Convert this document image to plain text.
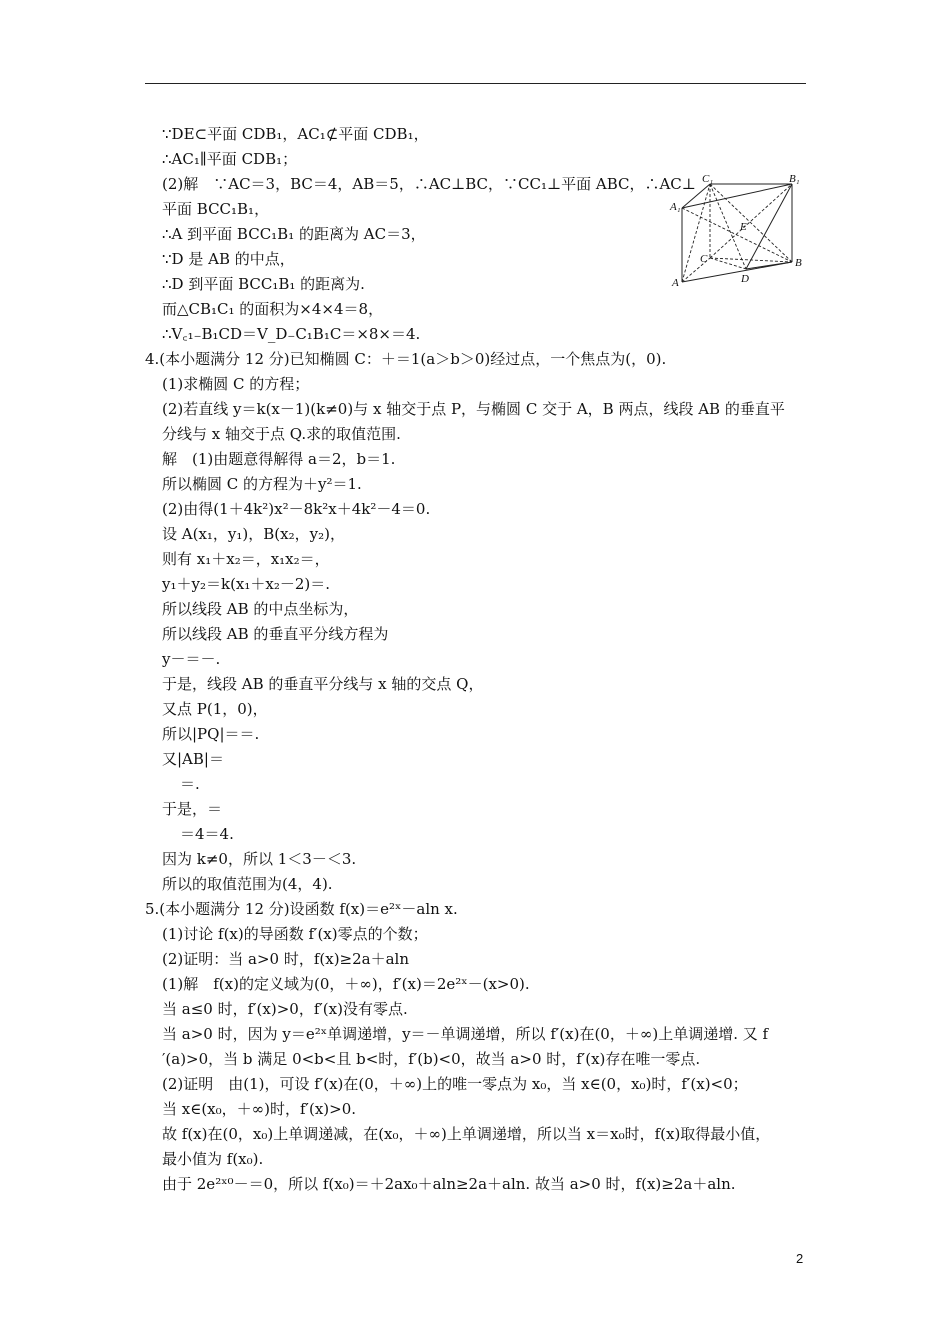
∵DE⊂平面 CDB₁，AC₁⊄平面 CDB₁，
∴AC₁∥平面 CDB₁；
(2)解　∵AC＝3，BC＝4，AB＝5，∴AC⊥BC，∵CC₁⊥平面 ABC，∴AC⊥
平面 BCC₁B₁，
∴A 到平面 BCC₁B₁ 的距离为 AC＝3，
∵D 是 AB 的中点，
∴D 到平面 BCC₁B₁ 的距离为.
而△CB₁C₁ 的面积为×4×4＝8，
∴V꜀₁₋B₁CD＝V_D₋C₁B₁C＝×8×＝4.
4.(本小题满分 12 分)已知椭圆 C：＋＝1(a＞b＞0)经过点，一个焦点为(，0).
(1)求椭圆 C 的方程；
(2)若直线 y＝k(x－1)(k≠0)与 x 轴交于点 P，与椭圆 C 交于 A，B 两点，线段 AB 的垂直平
分线与 x 轴交于点 Q.求的取值范围.
解　(1)由题意得解得 a＝2，b＝1.
所以椭圆 C 的方程为＋y²＝1.
(2)由得(1＋4k²)x²－8k²x＋4k²－4＝0.
设 A(x₁，y₁)，B(x₂，y₂)，
则有 x₁＋x₂＝，x₁x₂＝，
y₁＋y₂＝k(x₁＋x₂－2)＝.
所以线段 AB 的中点坐标为，
所以线段 AB 的垂直平分线方程为
y－＝－.
于是，线段 AB 的垂直平分线与 x 轴的交点 Q，
又点 P(1，0)，
所以|PQ|＝＝.
又|AB|＝
＝.
于是，＝
＝4＝4.
因为 k≠0，所以 1＜3－＜3.
所以的取值范围为(4，4).
5.(本小题满分 12 分)设函数 f(x)＝e²ˣ－aln x.
(1)讨论 f(x)的导函数 f′(x)零点的个数；
(2)证明：当 a>0 时，f(x)≥2a＋aln
(1)解　f(x)的定义域为(0，＋∞)，f′(x)＝2e²ˣ－(x>0).
当 a≤0 时，f′(x)>0，f′(x)没有零点.
当 a>0 时，因为 y＝e²ˣ单调递增，y＝－单调递增，所以 f′(x)在(0，＋∞)上单调递增. 又 f
′(a)>0，当 b 满足 0<b<且 b<时，f′(b)<0，故当 a>0 时，f′(x)存在唯一零点.
(2)证明　由(1)，可设 f′(x)在(0，＋∞)上的唯一零点为 x₀，当 x∈(0，x₀)时，f′(x)<0；
当 x∈(x₀，＋∞)时，f′(x)>0.
故 f(x)在(0，x₀)上单调递减，在(x₀，＋∞)上单调递增，所以当 x＝x₀时，f(x)取得最小值，
最小值为 f(x₀).
由于 2e²ˣ⁰－＝0，所以 f(x₀)＝＋2ax₀＋aln≥2a＋aln. 故当 a>0 时，f(x)≥2a＋aln.
C₁	B₁
A₁
E
C	B
A	D
2
